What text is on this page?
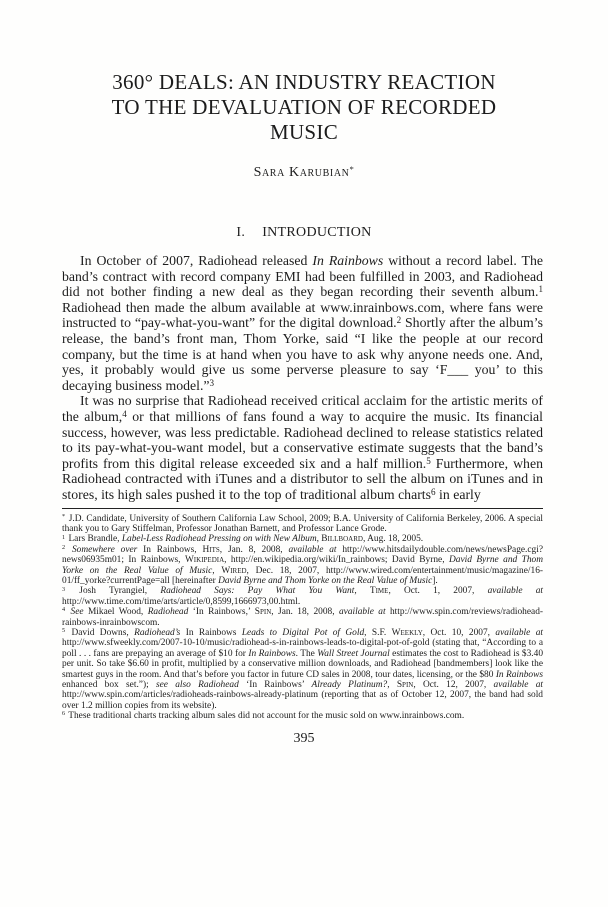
360° DEALS: AN INDUSTRY REACTION
TO THE DEVALUATION OF RECORDED
MUSIC
Sara Karubian*
I. INTRODUCTION

In October of 2007, Radiohead released In Rainbows without a record label. The band’s contract with record company EMI had been fulfilled in 2003, and Radiohead did not bother finding a new deal as they began recording their seventh album.$^1$ Radiohead then made the album available at www.inrainbows.com, where fans were instructed to “pay-what-you-want” for the digital download.$^2$ Shortly after the album’s release, the band’s front man, Thom Yorke, said “I like the people at our record company, but the time is at hand when you have to ask why anyone needs one. And, yes, it probably would give us some perverse pleasure to say ‘F___ you’ to this decaying business model.”$^3$

It was no surprise that Radiohead received critical acclaim for the artistic merits of the album,$^4$ or that millions of fans found a way to acquire the music. Its financial success, however, was less predictable. Radiohead declined to release statistics related to its pay-what-you-want model, but a conservative estimate suggests that the band’s profits from this digital release exceeded six and a half million.$^5$ Furthermore, when Radiohead contracted with iTunes and a distributor to sell the album on iTunes and in stores, its high sales pushed it to the top of traditional album charts$^6$ in early

* J.D. Candidate, University of Southern California Law School, 2009; B.A. University of California Berkeley, 2006. A special thank you to Gary Stiffelman, Professor Jonathan Barnett, and Professor Lance Grode.
$^1$ Lars Brandle, Label-Less Radiohead Pressing on with New Album, Billboard, Aug. 18, 2005.
$^2$ Somewhere over In Rainbows, Hits, Jan. 8, 2008, available at http://www.hitsdailydouble.com/news/newsPage.cgi?news06935m01; In Rainbows, Wikipedia, http://en.wikipedia.org/wiki/In_rainbows; David Byrne, David Byrne and Thom Yorke on the Real Value of Music, Wired, Dec. 18, 2007, http://www.wired.com/entertainment/music/magazine/16-01/ff_yorke?currentPage=all [hereinafter David Byrne and Thom Yorke on the Real Value of Music].
$^3$ Josh Tyrangiel, Radiohead Says: Pay What You Want, Time, Oct. 1, 2007, available at http://www.time.com/time/arts/article/0,8599,1666973,00.html.
$^4$ See Mikael Wood, Radiohead ‘In Rainbows,’ Spin, Jan. 18, 2008, available at http://www.spin.com/reviews/radiohead-rainbows-inrainbowscom.
$^5$ David Downs, Radiohead’s In Rainbows Leads to Digital Pot of Gold, S.F. Weekly, Oct. 10, 2007, available at http://www.sfweekly.com/2007-10-10/music/radiohead-s-in-rainbows-leads-to-digital-pot-of-gold (stating that, “According to a poll . . . fans are prepaying an average of $10 for In Rainbows. The Wall Street Journal estimates the cost to Radiohead is $3.40 per unit. So take $6.60 in profit, multiplied by a conservative million downloads, and Radiohead [bandmembers] look like the smartest guys in the room. And that’s before you factor in future CD sales in 2008, tour dates, licensing, or the $80 In Rainbows enhanced box set.”); see also Radiohead ‘In Rainbows’ Already Platinum?, Spin, Oct. 12, 2007, available at http://www.spin.com/articles/radioheads-rainbows-already-platinum (reporting that as of October 12, 2007, the band had sold over 1.2 million copies from its website).
$^6$ These traditional charts tracking album sales did not account for the music sold on www.inrainbows.com.
395
